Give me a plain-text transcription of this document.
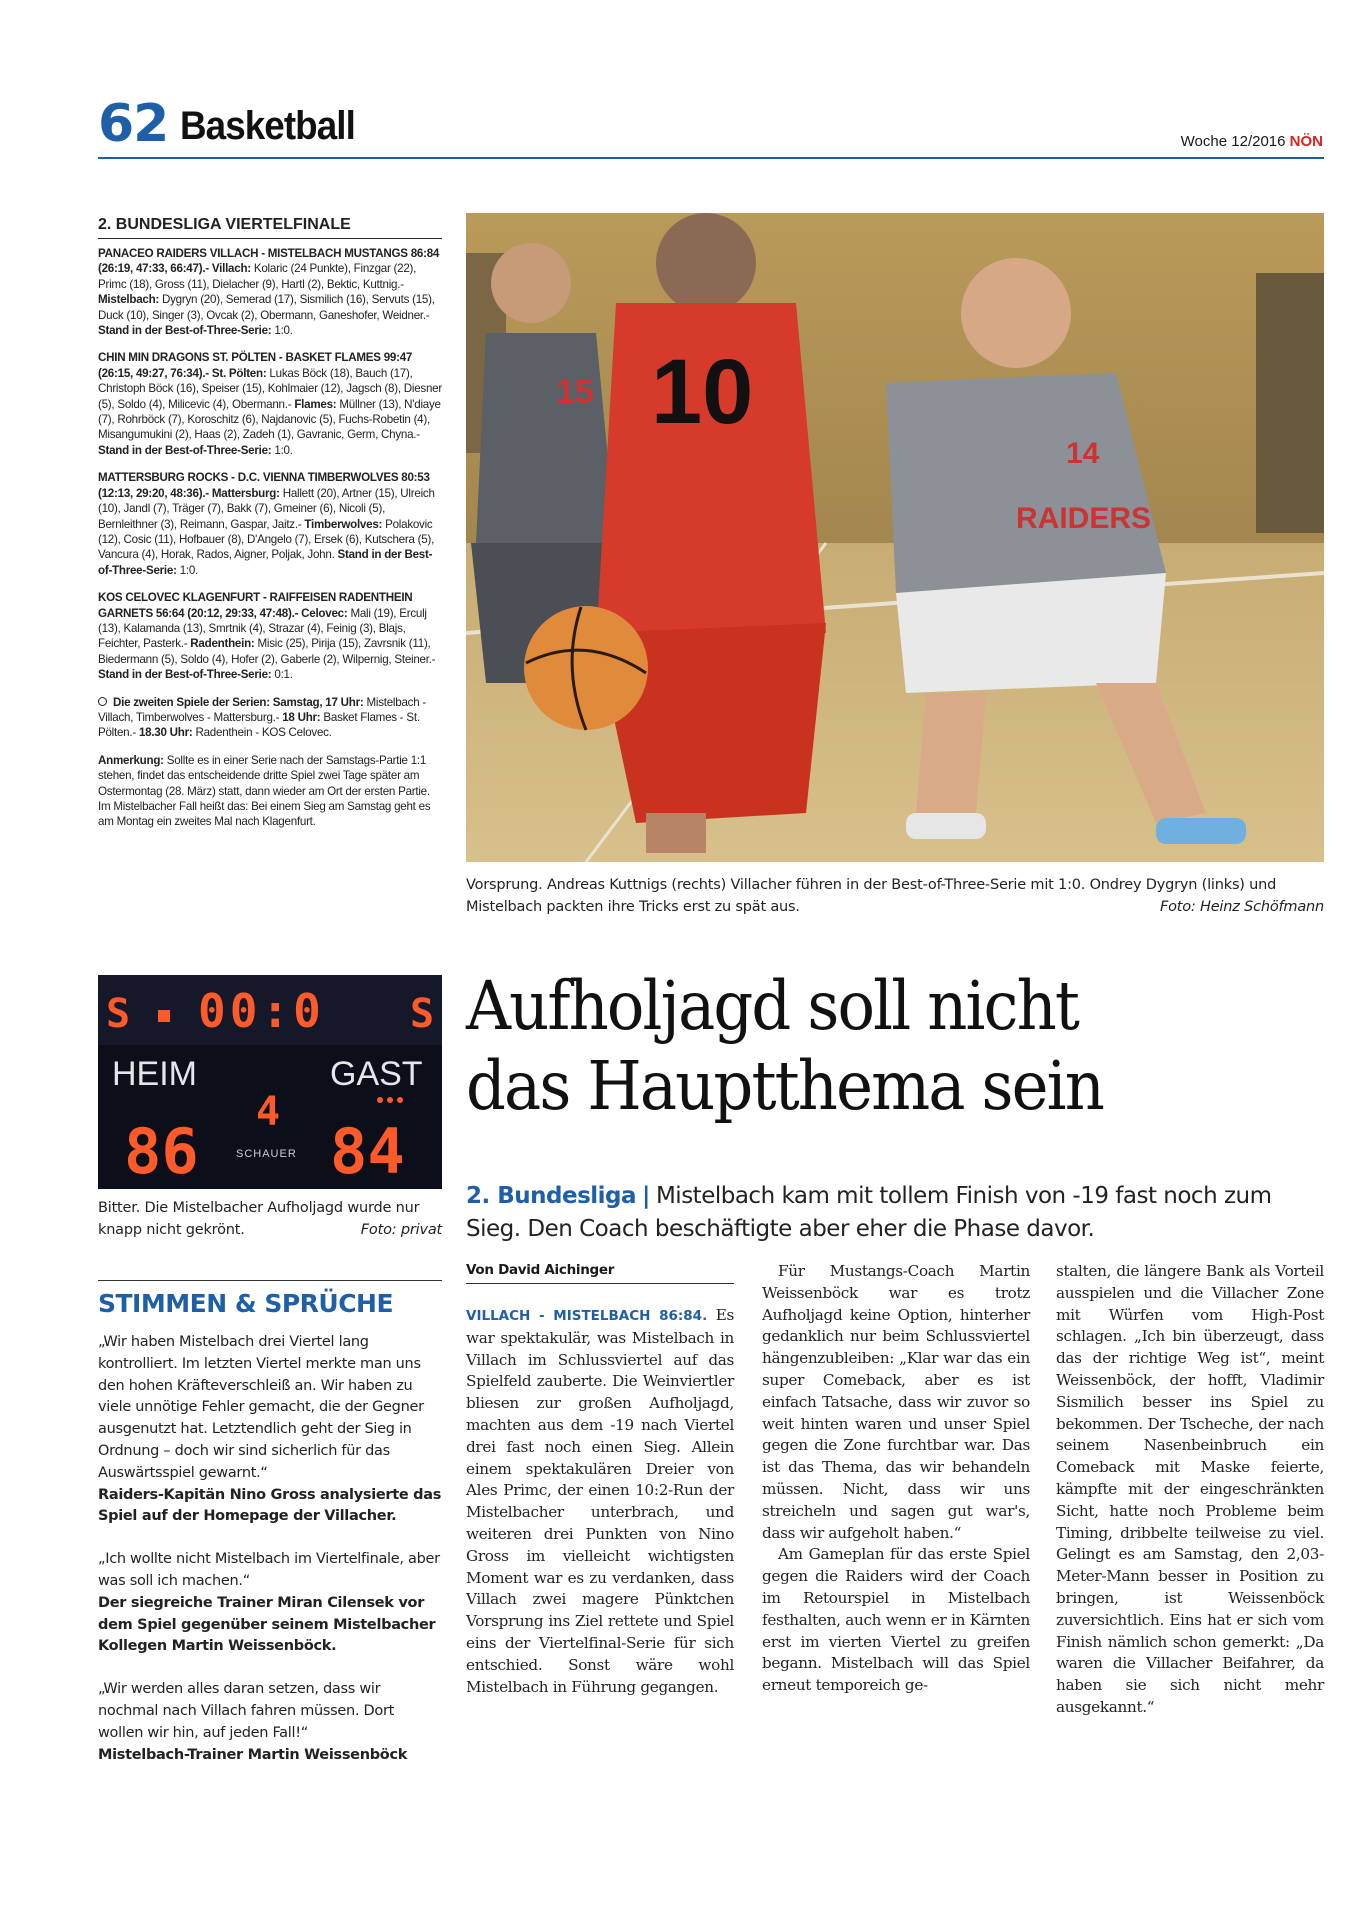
62 Basketball	Woche 12/2016 NÖN
2. BUNDESLIGA VIERTELFINALE

PANACEO RAIDERS VILLACH - MISTELBACH MUSTANGS 86:84 (26:19, 47:33, 66:47).- Villach: Kolaric (24 Punkte), Finzgar (22), Primc (18), Gross (11), Dielacher (9), Hartl (2), Bektic, Kuttnig.- Mistelbach: Dygryn (20), Semerad (17), Sismilich (16), Servuts (15), Duck (10), Singer (3), Ovcak (2), Obermann, Ganeshofer, Weidner.- Stand in der Best-of-Three-Serie: 1:0.

CHIN MIN DRAGONS ST. PÖLTEN - BASKET FLAMES 99:47 (26:15, 49:27, 76:34).- St. Pölten: Lukas Böck (18), Bauch (17), Christoph Böck (16), Speiser (15), Kohlmaier (12), Jagsch (8), Diesner (5), Soldo (4), Milicevic (4), Obermann.- Flames: Müllner (13), N'diaye (7), Rohrböck (7), Koroschitz (6), Najdanovic (5), Fuchs-Robetin (4), Misangumukini (2), Haas (2), Zadeh (1), Gavranic, Germ, Chyna.- Stand in der Best-of-Three-Serie: 1:0.

MATTERSBURG ROCKS - D.C. VIENNA TIMBERWOLVES 80:53 (12:13, 29:20, 48:36).- Mattersburg: Hallett (20), Artner (15), Ulreich (10), Jandl (7), Träger (7), Bakk (7), Gmeiner (6), Nicoli (5), Bernleithner (3), Reimann, Gaspar, Jaitz.- Timberwolves: Polakovic (12), Cosic (11), Hofbauer (8), D'Angelo (7), Ersek (6), Kutschera (5), Vancura (4), Horak, Rados, Aigner, Poljak, John. Stand in der Best-of-Three-Serie: 1:0.

KOS CELOVEC KLAGENFURT - RAIFFEISEN RADENTHEIN GARNETS 56:64 (20:12, 29:33, 47:48).- Celovec: Mali (19), Erculj (13), Kalamanda (13), Smrtnik (4), Strazar (4), Feinig (3), Blajs, Feichter, Pasterk.- Radenthein: Misic (25), Pirija (15), Zavrsnik (11), Biedermann (5), Soldo (4), Hofer (2), Gaberle (2), Wilpernig, Steiner.- Stand in der Best-of-Three-Serie: 0:1.

Die zweiten Spiele der Serien: Samstag, 17 Uhr: Mistelbach - Villach, Timberwolves - Mattersburg.- 18 Uhr: Basket Flames - St. Pölten.- 18.30 Uhr: Radenthein - KOS Celovec.

Anmerkung: Sollte es in einer Serie nach der Samstags-Partie 1:1 stehen, findet das entscheidende dritte Spiel zwei Tage später am Ostermontag (28. März) statt, dann wieder am Ort der ersten Partie. Im Mistelbacher Fall heißt das: Bei einem Sieg am Samstag geht es am Montag ein zweites Mal nach Klagenfurt.

15
RAIDERS
14
10
Vorsprung. Andreas Kuttnigs (rechts) Villacher führen in der Best-of-Three-Serie mit 1:0. Ondrey Dygryn (links) und Mistelbach packten ihre Tricks erst zu spät aus.	Foto: Heinz Schöfmann
S 00:0 S
HEIM	GAST
4
86 84
SCHAUER
Bitter. Die Mistelbacher Aufholjagd wurde nur knapp nicht gekrönt.	Foto: privat
Aufholjagd soll nicht
das Hauptthema sein
2. Bundesliga | Mistelbach kam mit tollem Finish von -19 fast noch zum Sieg. Den Coach beschäftigte aber eher die Phase davor.
STIMMEN & SPRÜCHE
„Wir haben Mistelbach drei Viertel lang kontrolliert. Im letzten Viertel merkte man uns den hohen Kräfteverschleiß an. Wir haben zu viele unnötige Fehler gemacht, die der Gegner ausgenutzt hat. Letztendlich geht der Sieg in Ordnung – doch wir sind sicherlich für das Auswärtsspiel gewarnt.“
Raiders-Kapitän Nino Gross analysierte das Spiel auf der Homepage der Villacher.
„Ich wollte nicht Mistelbach im Viertelfinale, aber was soll ich machen.“
Der siegreiche Trainer Miran Cilensek vor dem Spiel gegenüber seinem Mistelbacher Kollegen Martin Weissenböck.
„Wir werden alles daran setzen, dass wir nochmal nach Villach fahren müssen. Dort wollen wir hin, auf jeden Fall!“
Mistelbach-Trainer Martin Weissenböck
Von David Aichinger

VILLACH - MISTELBACH 86:84. Es war spektakulär, was Mistelbach in Villach im Schlussviertel auf das Spielfeld zauberte. Die Weinviertler bliesen zur großen Aufholjagd, machten aus dem -19 nach Viertel drei fast noch einen Sieg. Allein einem spektakulären Dreier von Ales Primc, der einen 10:2-Run der Mistelbacher unterbrach, und weiteren drei Punkten von Nino Gross im vielleicht wichtigsten Moment war es zu verdanken, dass Villach zwei magere Pünktchen Vorsprung ins Ziel rettete und Spiel eins der Viertelfinal-Serie für sich entschied. Sonst wäre wohl Mistelbach in Führung gegangen.

Für Mustangs-Coach Martin Weissenböck war es trotz Aufholjagd keine Option, hinterher gedanklich nur beim Schlussviertel hängenzubleiben: „Klar war das ein super Comeback, aber es ist einfach Tatsache, dass wir zuvor so weit hinten waren und unser Spiel gegen die Zone furchtbar war. Das ist das Thema, das wir behandeln müssen. Nicht, dass wir uns streicheln und sagen gut war's, dass wir aufgeholt haben.“

Am Gameplan für das erste Spiel gegen die Raiders wird der Coach im Retourspiel in Mistelbach festhalten, auch wenn er in Kärnten erst im vierten Viertel zu greifen begann. Mistelbach will das Spiel erneut temporeich ge-

stalten, die längere Bank als Vorteil ausspielen und die Villacher Zone mit Würfen vom High-Post schlagen. „Ich bin überzeugt, dass das der richtige Weg ist“, meint Weissenböck, der hofft, Vladimir Sismilich besser ins Spiel zu bekommen. Der Tscheche, der nach seinem Nasenbeinbruch ein Comeback mit Maske feierte, kämpfte mit der eingeschränkten Sicht, hatte noch Probleme beim Timing, dribbelte teilweise zu viel. Gelingt es am Samstag, den 2,03-Meter-Mann besser in Position zu bringen, ist Weissenböck zuversichtlich. Eins hat er sich vom Finish nämlich schon gemerkt: „Da waren die Villacher Beifahrer, da haben sie sich nicht mehr ausgekannt.“
